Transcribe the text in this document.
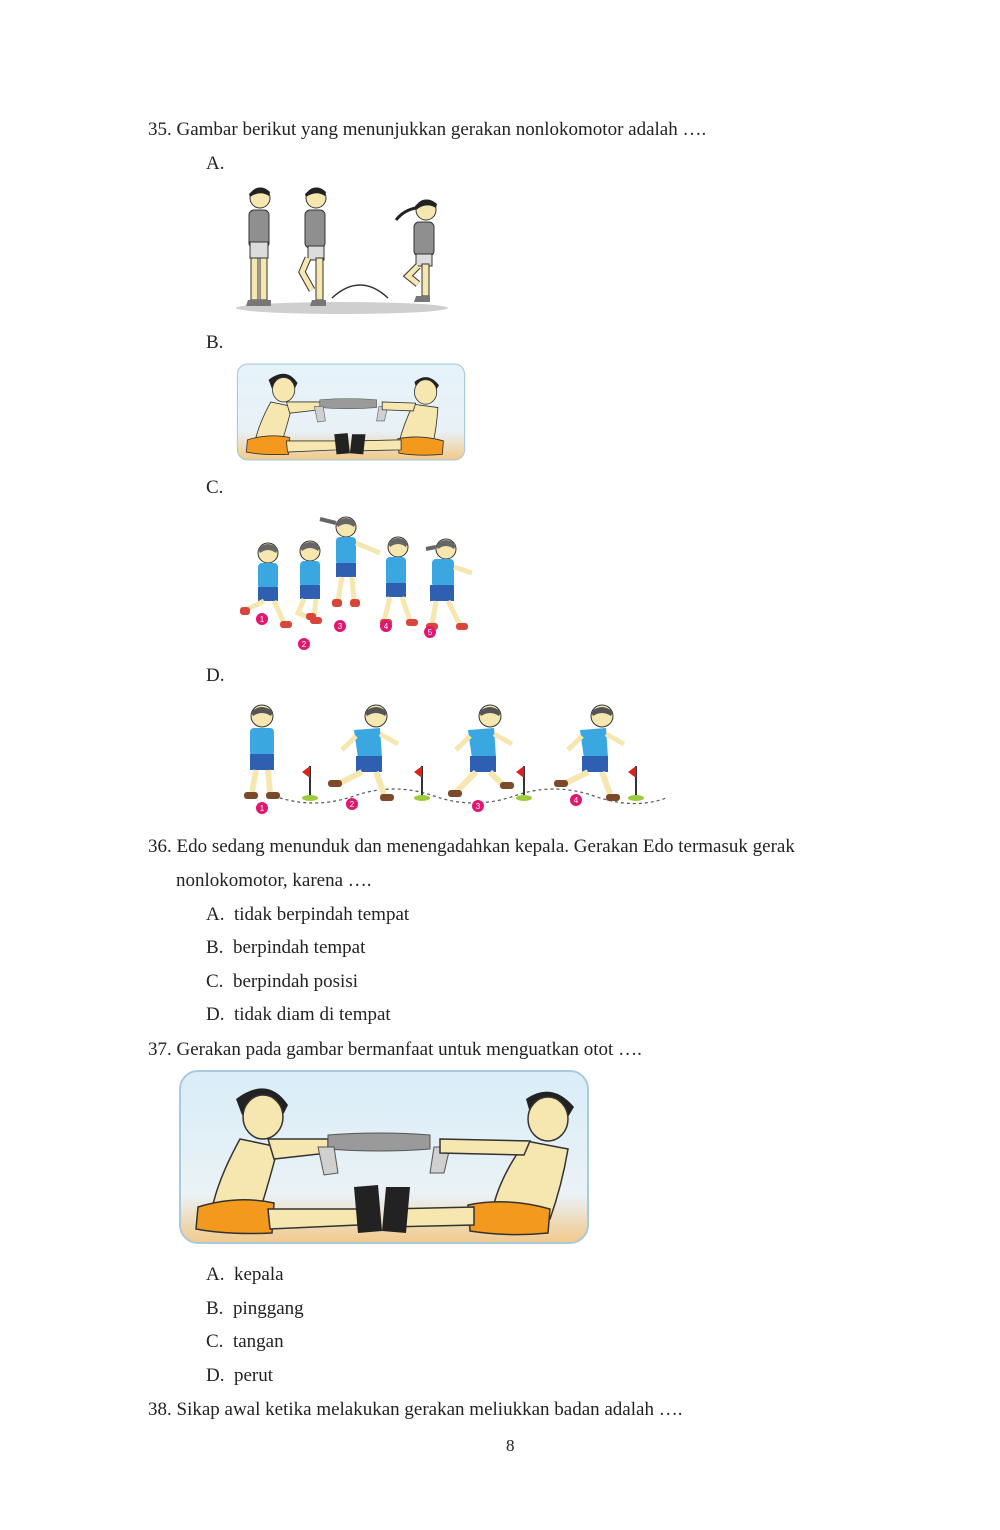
35. Gambar berikut yang menunjukkan gerakan nonlokomotor adalah ….
A.
B.
C.
1
2
3	4
5
D.
1	2	3
4
36. Edo sedang menunduk dan menengadahkan kepala. Gerakan Edo termasuk gerak
nonlokomotor, karena ….
A. tidak berpindah tempat
B. berpindah tempat
C. berpindah posisi
D. tidak diam di tempat
37. Gerakan pada gambar bermanfaat untuk menguatkan otot ….
A. kepala
B. pinggang
C. tangan
D. perut
38. Sikap awal ketika melakukan gerakan meliukkan badan adalah ….
8
